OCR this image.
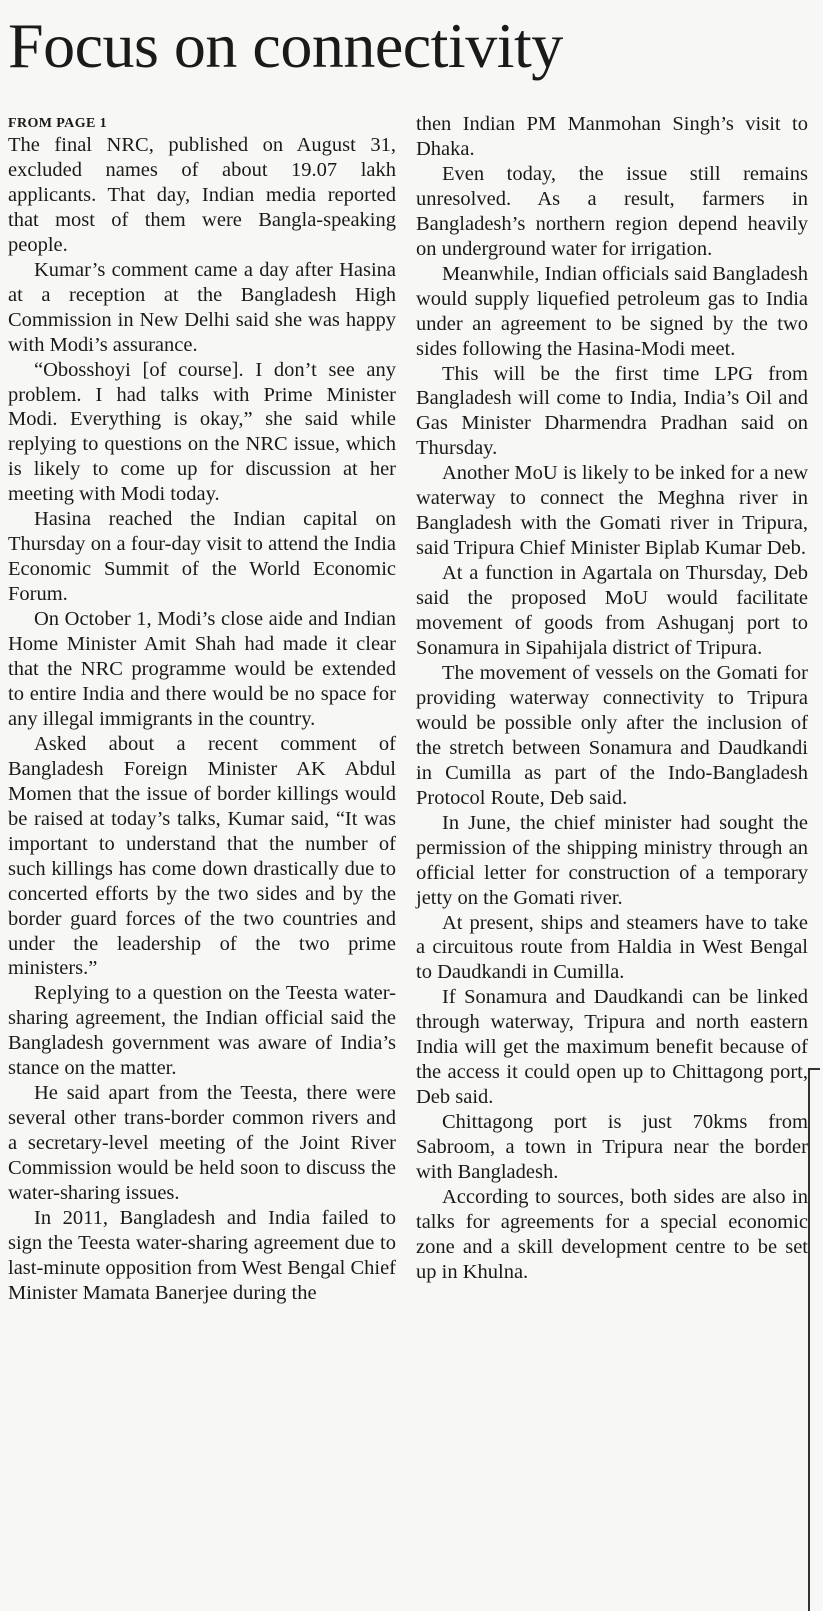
Focus on connectivity
FROM PAGE 1

The final NRC, published on August 31, excluded names of about 19.07 lakh applicants. That day, Indian media reported that most of them were Bangla-speaking people.

Kumar’s comment came a day after Hasina at a reception at the Bangladesh High Commission in New Delhi said she was happy with Modi’s assurance.

“Obosshoyi [of course]. I don’t see any problem. I had talks with Prime Minister Modi. Everything is okay,” she said while replying to questions on the NRC issue, which is likely to come up for discussion at her meeting with Modi today.

Hasina reached the Indian capital on Thursday on a four-day visit to attend the India Economic Summit of the World Economic Forum.

On October 1, Modi’s close aide and Indian Home Minister Amit Shah had made it clear that the NRC programme would be extended to entire India and there would be no space for any illegal immigrants in the country.

Asked about a recent comment of Bangladesh Foreign Minister AK Abdul Momen that the issue of border killings would be raised at today’s talks, Kumar said, “It was important to understand that the number of such killings has come down drastically due to concerted efforts by the two sides and by the border guard forces of the two countries and under the leadership of the two prime ministers.”

Replying to a question on the Teesta water-sharing agreement, the Indian official said the Bangladesh government was aware of India’s stance on the matter.

He said apart from the Teesta, there were several other trans-border common rivers and a secretary-level meeting of the Joint River Commission would be held soon to discuss the water-sharing issues.

In 2011, Bangladesh and India failed to sign the Teesta water-sharing agreement due to last-minute opposition from West Bengal Chief Minister Mamata Banerjee during the

then Indian PM Manmohan Singh’s visit to Dhaka.

Even today, the issue still remains unresolved. As a result, farmers in Bangladesh’s northern region depend heavily on underground water for irrigation.

Meanwhile, Indian officials said Bangladesh would supply liquefied petroleum gas to India under an agreement to be signed by the two sides following the Hasina-Modi meet.

This will be the first time LPG from Bangladesh will come to India, India’s Oil and Gas Minister Dharmendra Pradhan said on Thursday.

Another MoU is likely to be inked for a new waterway to connect the Meghna river in Bangladesh with the Gomati river in Tripura, said Tripura Chief Minister Biplab Kumar Deb.

At a function in Agartala on Thursday, Deb said the proposed MoU would facilitate movement of goods from Ashuganj port to Sonamura in Sipahijala district of Tripura.

The movement of vessels on the Gomati for providing waterway connectivity to Tripura would be possible only after the inclusion of the stretch between Sonamura and Daudkandi in Cumilla as part of the Indo-Bangladesh Protocol Route, Deb said.

In June, the chief minister had sought the permission of the shipping ministry through an official letter for construction of a temporary jetty on the Gomati river.

At present, ships and steamers have to take a circuitous route from Haldia in West Bengal to Daudkandi in Cumilla.

If Sonamura and Daudkandi can be linked through waterway, Tripura and north eastern India will get the maximum benefit because of the access it could open up to Chittagong port, Deb said.

Chittagong port is just 70kms from Sabroom, a town in Tripura near the border with Bangladesh.

According to sources, both sides are also in talks for agreements for a special economic zone and a skill development centre to be set up in Khulna.
